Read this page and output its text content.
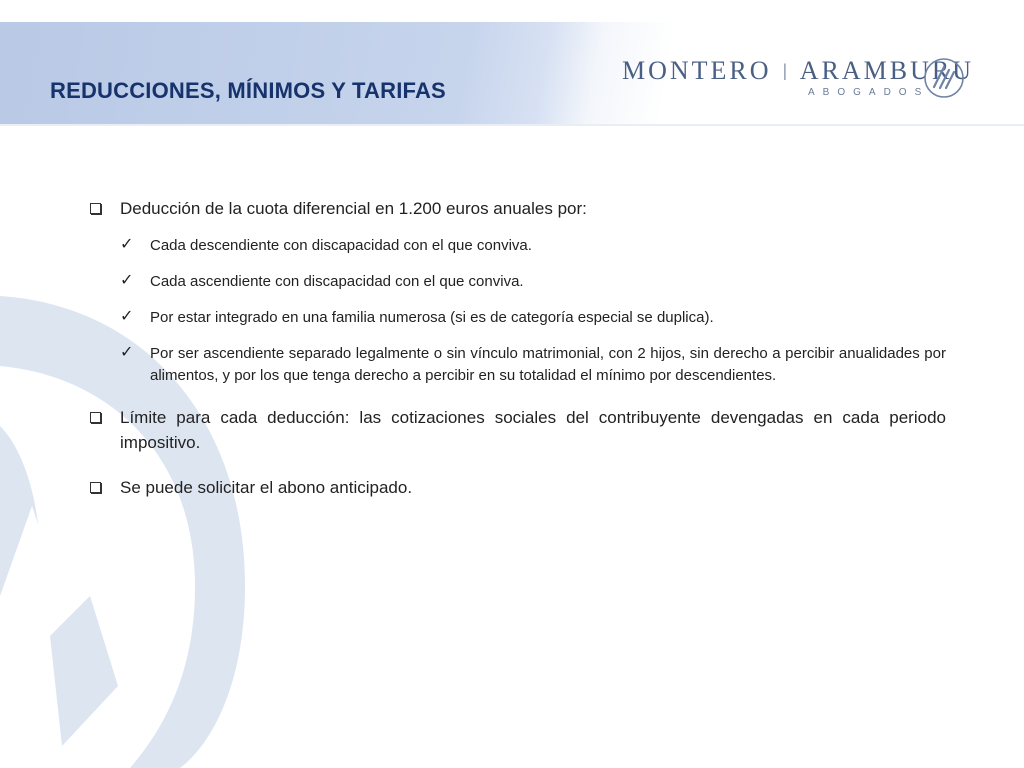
REDUCCIONES, MÍNIMOS Y TARIFAS
MONTERO | ARAMBURU
ABOGADOS
Deducción de la cuota diferencial en 1.200 euros anuales por:
✓ Cada descendiente con discapacidad con el que conviva.
✓ Cada ascendiente con discapacidad con el que conviva.
✓ Por estar integrado en una familia numerosa (si es de categoría especial se duplica).
✓ Por ser ascendiente separado legalmente o sin vínculo matrimonial, con 2 hijos, sin derecho a percibir anualidades por alimentos, y por los que tenga derecho a percibir en su totalidad el mínimo por descendientes.
Límite para cada deducción: las cotizaciones sociales del contribuyente devengadas en cada periodo impositivo.
Se puede solicitar el abono anticipado.
